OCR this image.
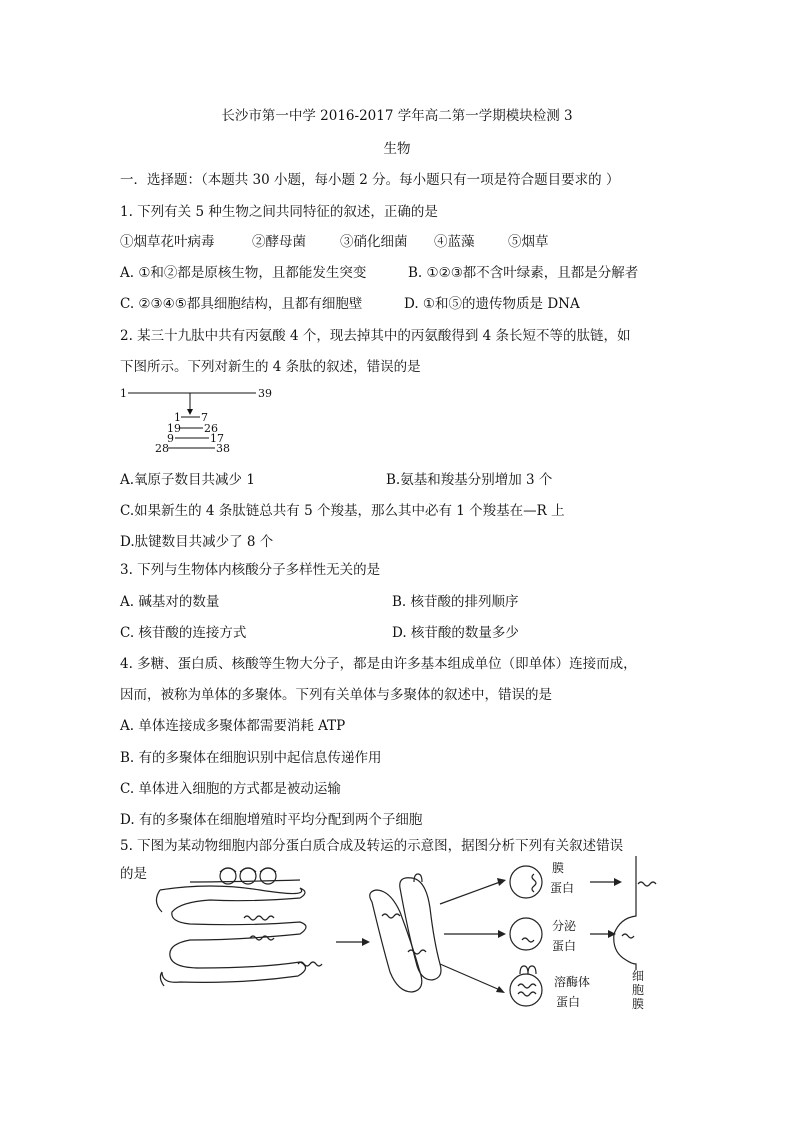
长沙市第一中学 2016-2017 学年高二第一学期模块检测 3
生物
一．选择题：（本题共 30 小题，每小题 2 分。每小题只有一项是符合题目要求的 ）
1. 下列有关 5 种生物之间共同特征的叙述，正确的是
①烟草花叶病毒	②酵母菌	③硝化细菌 ④蓝藻 ⑤烟草
A. ①和②都是原核生物，且都能发生突变	B. ①②③都不含叶绿素，且都是分解者
C. ②③④⑤都具细胞结构，且都有细胞壁	D. ①和⑤的遗传物质是 DNA
2. 某三十九肽中共有丙氨酸 4 个，现去掉其中的丙氨酸得到 4 条长短不等的肽链，如
下图所示。下列对新生的 4 条肽的叙述，错误的是
1	39
1 7
19 26
9	17
28	38
A.氧原子数目共减少 1	B.氨基和羧基分别增加 3 个
C.如果新生的 4 条肽链总共有 5 个羧基，那么其中必有 1 个羧基在—R 上
D.肽键数目共减少了 8 个
3. 下列与生物体内核酸分子多样性无关的是
A. 碱基对的数量	B. 核苷酸的排列顺序
C. 核苷酸的连接方式	D. 核苷酸的数量多少
4. 多糖、蛋白质、核酸等生物大分子，都是由许多基本组成单位（即单体）连接而成，
因而，被称为单体的多聚体。下列有关单体与多聚体的叙述中，错误的是
A. 单体连接成多聚体都需要消耗 ATP
B. 有的多聚体在细胞识别中起信息传递作用
C. 单体进入细胞的方式都是被动运输
D. 有的多聚体在细胞增殖时平均分配到两个子细胞
5. 下图为某动物细胞内部分蛋白质合成及转运的示意图，据图分析下列有关叙述错误
的是	膜
蛋白
分泌
蛋白
溶酶体
蛋白
细
胞
膜
